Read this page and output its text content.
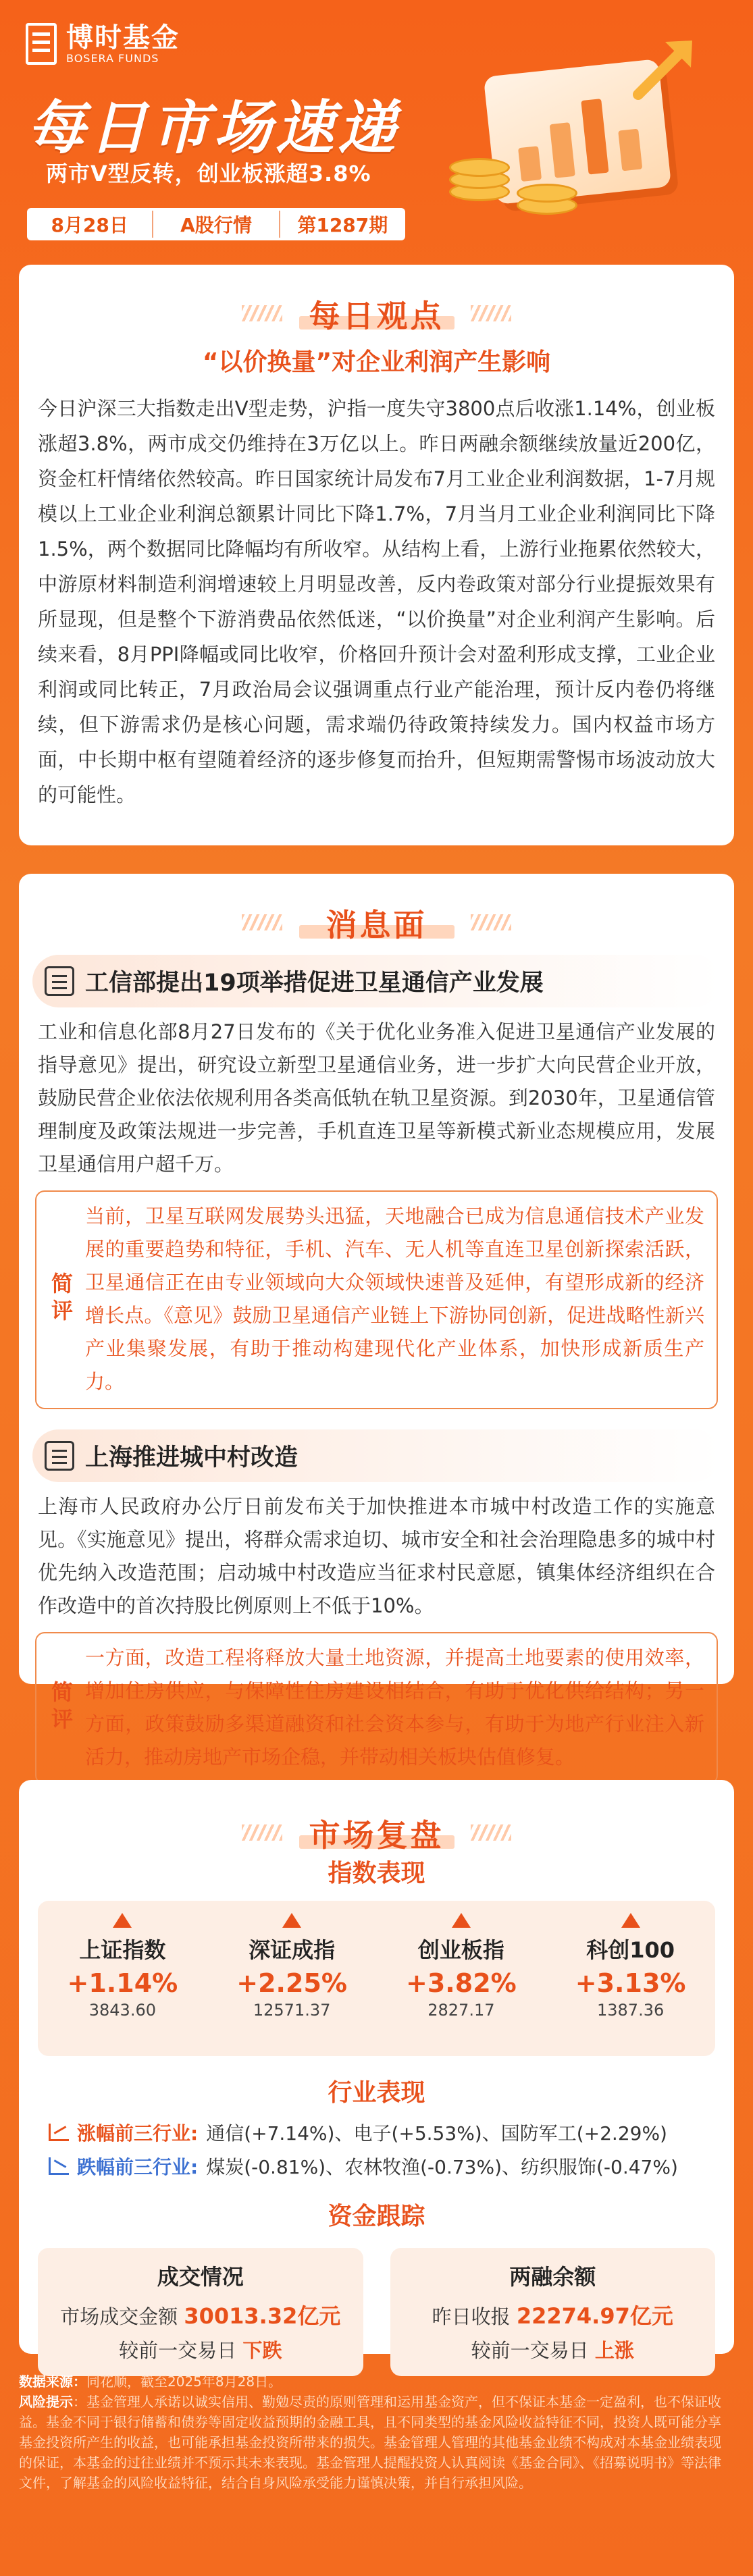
博时基金
BOSERA FUNDS
每日市场速递
两市V型反转，创业板涨超3.8%
8月28日	A股行情	第1287期
每日观点
“以价换量”对企业利润产生影响
今日沪深三大指数走出V型走势，沪指一度失守3800点后收涨1.14%，创业板涨超3.8%，两市成交仍维持在3万亿以上。昨日两融余额继续放量近200亿，资金杠杆情绪依然较高。昨日国家统计局发布7月工业企业利润数据，1-7月规模以上工业企业利润总额累计同比下降1.7%，7月当月工业企业利润同比下降1.5%，两个数据同比降幅均有所收窄。从结构上看，上游行业拖累依然较大，中游原材料制造利润增速较上月明显改善，反内卷政策对部分行业提振效果有所显现，但是整个下游消费品依然低迷，“以价换量”对企业利润产生影响。后续来看，8月PPI降幅或同比收窄，价格回升预计会对盈利形成支撑，工业企业利润或同比转正，7月政治局会议强调重点行业产能治理，预计反内卷仍将继续，但下游需求仍是核心问题，需求端仍待政策持续发力。国内权益市场方面，中长期中枢有望随着经济的逐步修复而抬升，但短期需警惕市场波动放大的可能性。
消息面
工信部提出19项举措促进卫星通信产业发展
工业和信息化部8月27日发布的《关于优化业务准入促进卫星通信产业发展的指导意见》提出，研究设立新型卫星通信业务，进一步扩大向民营企业开放，鼓励民营企业依法依规利用各类高低轨在轨卫星资源。到2030年，卫星通信管理制度及政策法规进一步完善，手机直连卫星等新模式新业态规模应用，发展卫星通信用户超千万。
简评
当前，卫星互联网发展势头迅猛，天地融合已成为信息通信技术产业发展的重要趋势和特征，手机、汽车、无人机等直连卫星创新探索活跃，卫星通信正在由专业领域向大众领域快速普及延伸，有望形成新的经济增长点。《意见》鼓励卫星通信产业链上下游协同创新，促进战略性新兴产业集聚发展，有助于推动构建现代化产业体系，加快形成新质生产力。
上海推进城中村改造
上海市人民政府办公厅日前发布关于加快推进本市城中村改造工作的实施意见。《实施意见》提出，将群众需求迫切、城市安全和社会治理隐患多的城中村优先纳入改造范围；启动城中村改造应当征求村民意愿，镇集体经济组织在合作改造中的首次持股比例原则上不低于10%。
简评
一方面，改造工程将释放大量土地资源，并提高土地要素的使用效率，增加住房供应，与保障性住房建设相结合，有助于优化供给结构；另一方面，政策鼓励多渠道融资和社会资本参与，有助于为地产行业注入新活力，推动房地产市场企稳，并带动相关板块估值修复。
市场复盘
指数表现
上证指数
+1.14%
3843.60
深证成指
+2.25%
12571.37
创业板指
+3.82%
2827.17
科创100
+3.13%
1387.36
行业表现
涨幅前三行业: 通信(+7.14%)、电子(+5.53%)、国防军工(+2.29%)
跌幅前三行业: 煤炭(-0.81%)、农林牧渔(-0.73%)、纺织服饰(-0.47%)
资金跟踪
成交情况
市场成交金额 30013.32亿元
较前一交易日 下跌
两融余额
昨日收报 22274.97亿元
较前一交易日 上涨
数据来源：同花顺，截至2025年8月28日。
风险提示：基金管理人承诺以诚实信用、勤勉尽责的原则管理和运用基金资产，但不保证本基金一定盈利，也不保证收益。基金不同于银行储蓄和债券等固定收益预期的金融工具，且不同类型的基金风险收益特征不同，投资人既可能分享基金投资所产生的收益，也可能承担基金投资所带来的损失。基金管理人管理的其他基金业绩不构成对本基金业绩表现的保证，本基金的过往业绩并不预示其未来表现。基金管理人提醒投资人认真阅读《基金合同》、《招募说明书》等法律文件，了解基金的风险收益特征，结合自身风险承受能力谨慎决策，并自行承担风险。
